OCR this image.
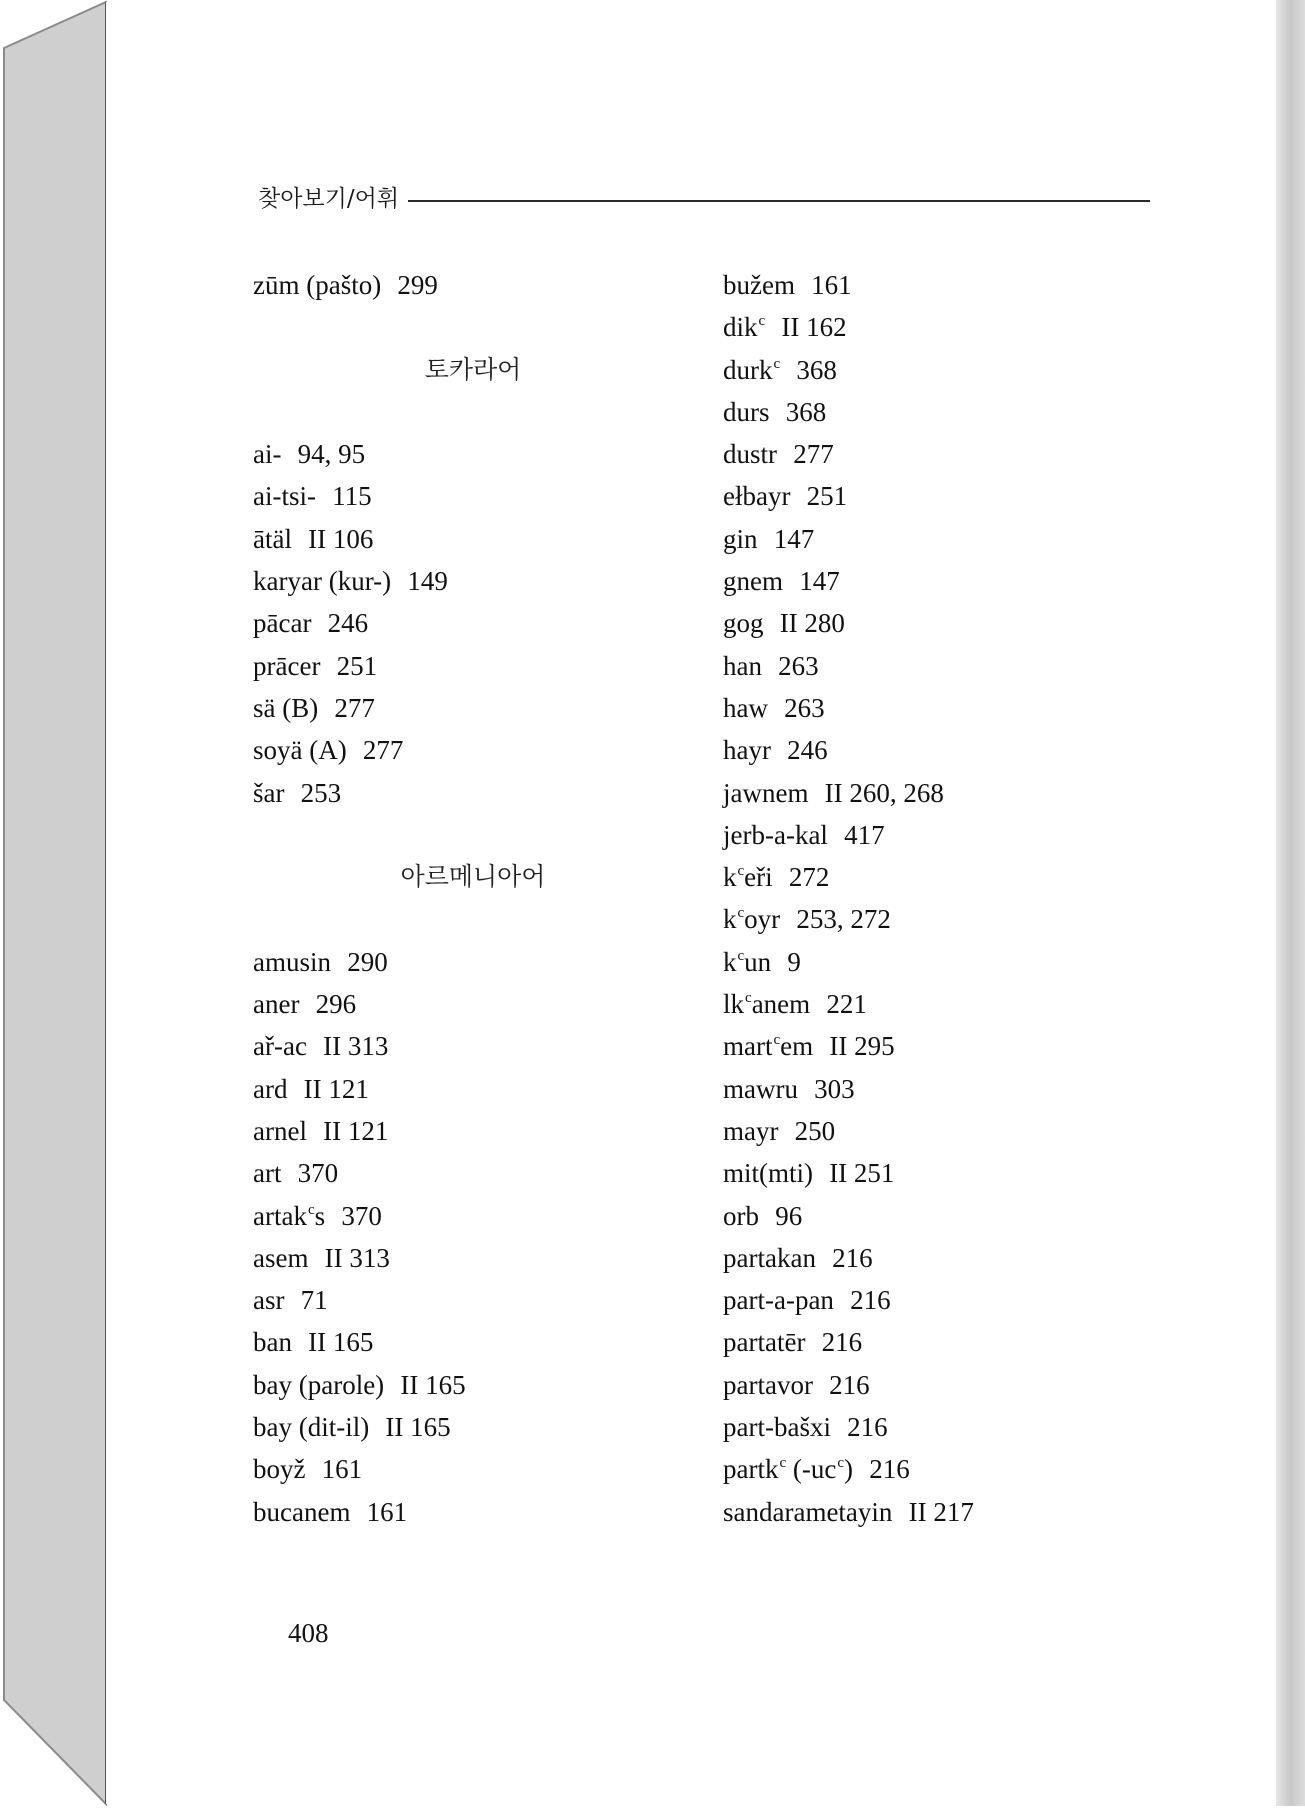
찾아보기/어휘
zūm (pašto) 299
토카라어
ai- 94, 95
ai-tsi- 115
ātäl II 106
karyar (kur-) 149
pācar 246
prācer 251
sä (B) 277
soyä (A) 277
šar 253
아르메니아어
amusin 290
aner 296
ař-ac II 313
ard II 121
arnel II 121
art 370
artak$^c$s 370
asem II 313
asr 71
ban II 165
bay (parole) II 165
bay (dit-il) II 165
boyž 161
bucanem 161
bužem 161
dik$^c$ II 162
durk$^c$ 368
durs 368
dustr 277
ełbayr 251
gin 147
gnem 147
gog II 280
han 263
haw 263
hayr 246
jawnem II 260, 268
jerb-a-kal 417
$k^ceři$ 272
$k^coyr$ 253, 272
$k^cun$ 9
$lk^canem$ 221
mart$^c$em II 295
mawru 303
mayr 250
mit(mti) II 251
orb 96
partakan 216
part-a-pan 216
partatēr 216
partavor 216
part-bašxi 216
partk$^c$ $(-uc^c)$ 216
sandarametayin II 217
408
